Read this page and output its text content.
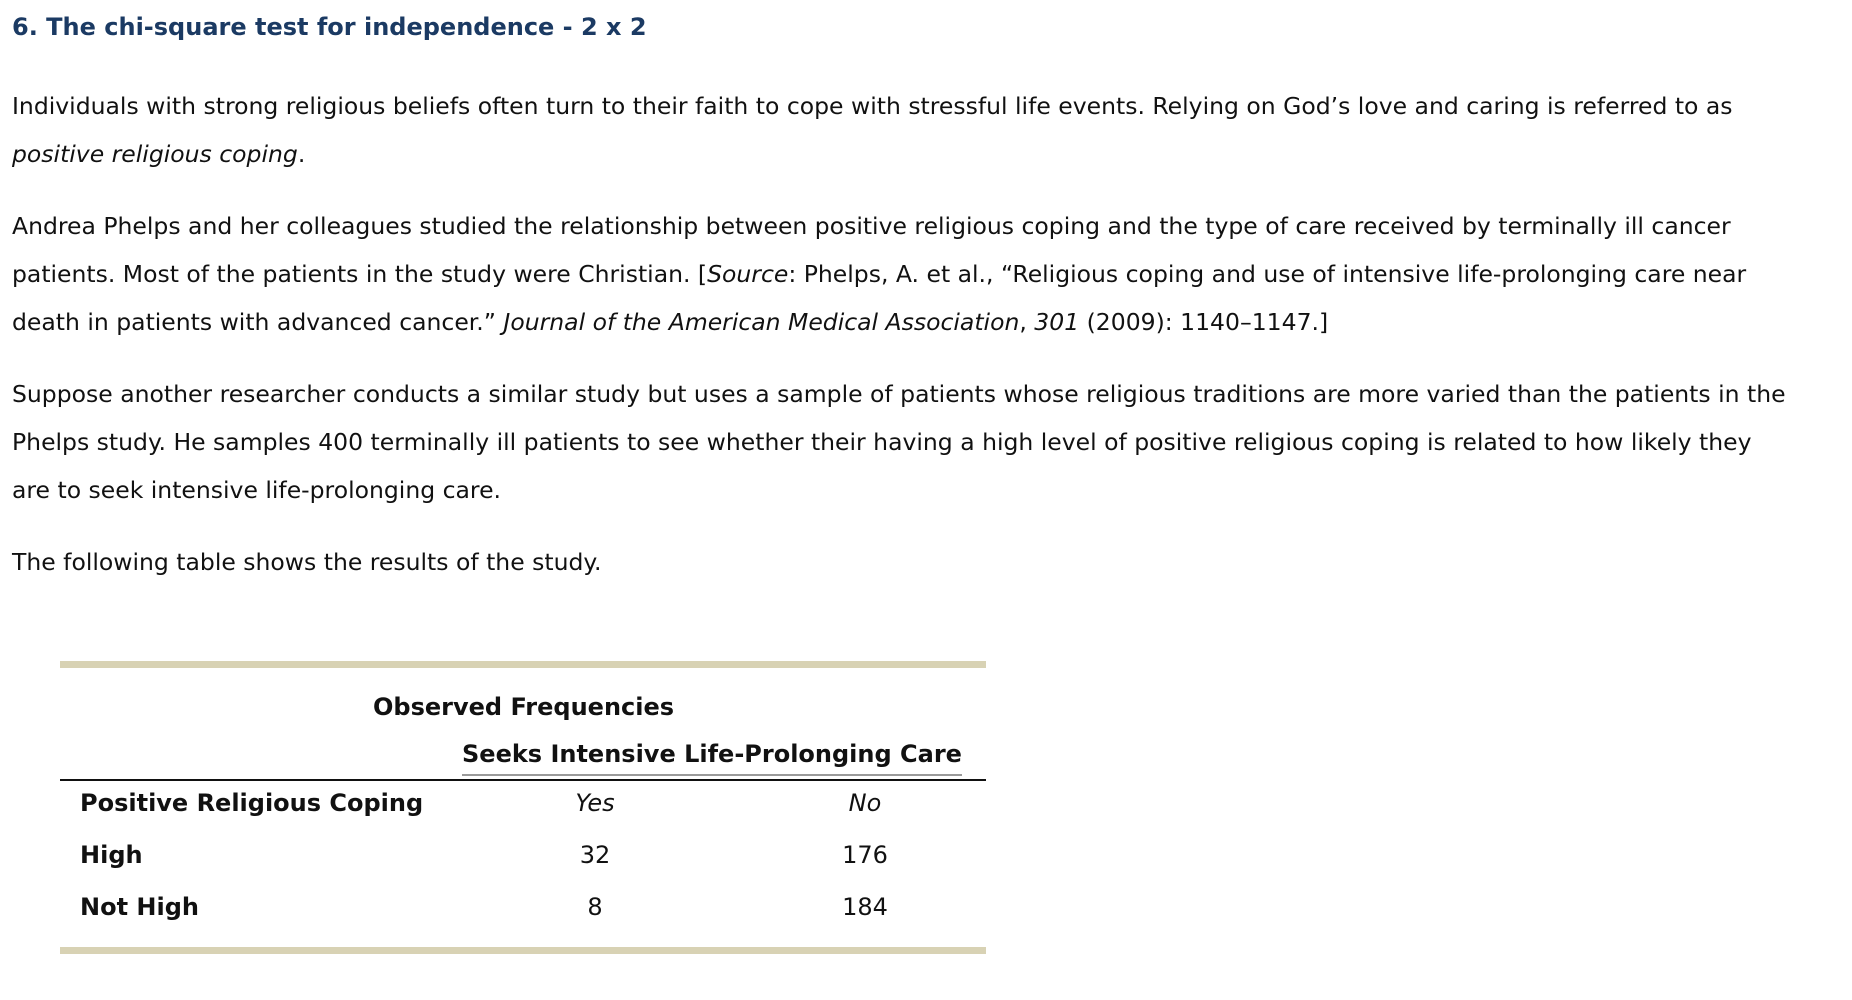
6. The chi-square test for independence - 2 x 2

Individuals with strong religious beliefs often turn to their faith to cope with stressful life events. Relying on God’s love and caring is referred to as
positive religious coping.

Andrea Phelps and her colleagues studied the relationship between positive religious coping and the type of care received by terminally ill cancer
patients. Most of the patients in the study were Christian. [Source: Phelps, A. et al., “Religious coping and use of intensive life-prolonging care near
death in patients with advanced cancer.” Journal of the American Medical Association, 301 (2009): 1140–1147.]

Suppose another researcher conducts a similar study but uses a sample of patients whose religious traditions are more varied than the patients in the
Phelps study. He samples 400 terminally ill patients to see whether their having a high level of positive religious coping is related to how likely they
are to seek intensive life-prolonging care.

The following table shows the results of the study.

Observed Frequencies
Seeks Intensive Life-Prolonging Care
Positive Religious Coping	Yes	No
High	32	176
Not High	8	184
